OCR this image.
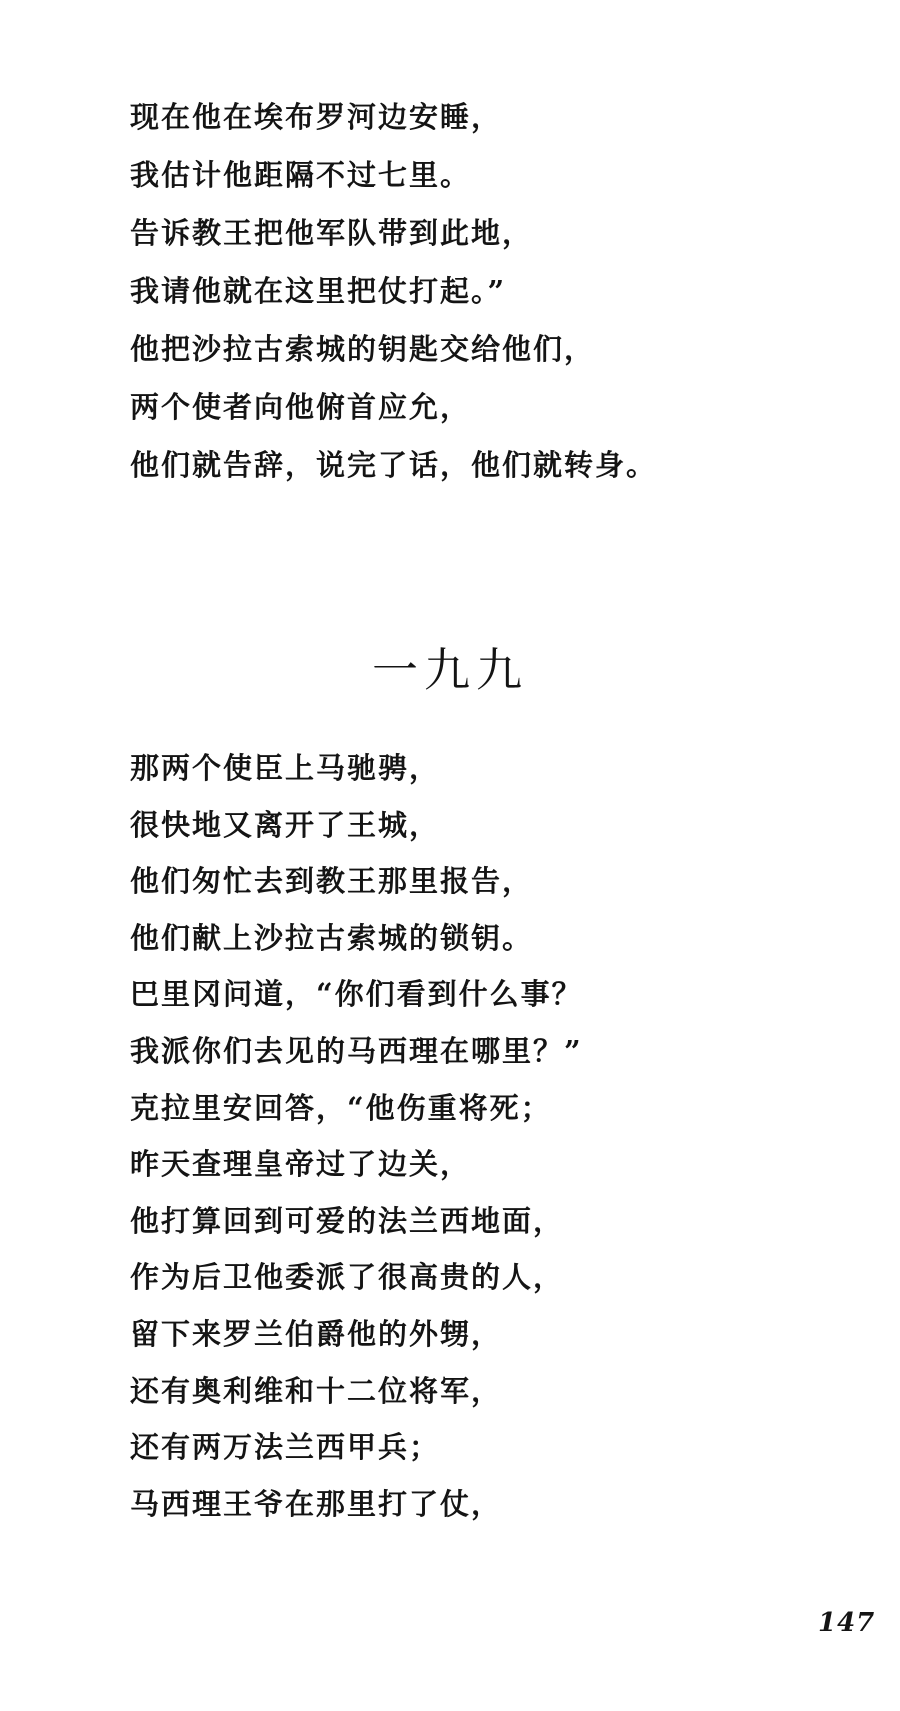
现在他在埃布罗河边安睡，
我估计他距隔不过七里。
告诉教王把他军队带到此地，
我请他就在这里把仗打起。”
他把沙拉古索城的钥匙交给他们，
两个使者向他俯首应允，
他们就告辞，说完了话，他们就转身。
一九九
那两个使臣上马驰骋，
很快地又离开了王城，
他们匆忙去到教王那里报告，
他们献上沙拉古索城的锁钥。
巴里冈问道，“你们看到什么事？
我派你们去见的马西理在哪里？”
克拉里安回答，“他伤重将死；
昨天查理皇帝过了边关，
他打算回到可爱的法兰西地面，
作为后卫他委派了很高贵的人，
留下来罗兰伯爵他的外甥，
还有奥利维和十二位将军，
还有两万法兰西甲兵；
马西理王爷在那里打了仗，
147
